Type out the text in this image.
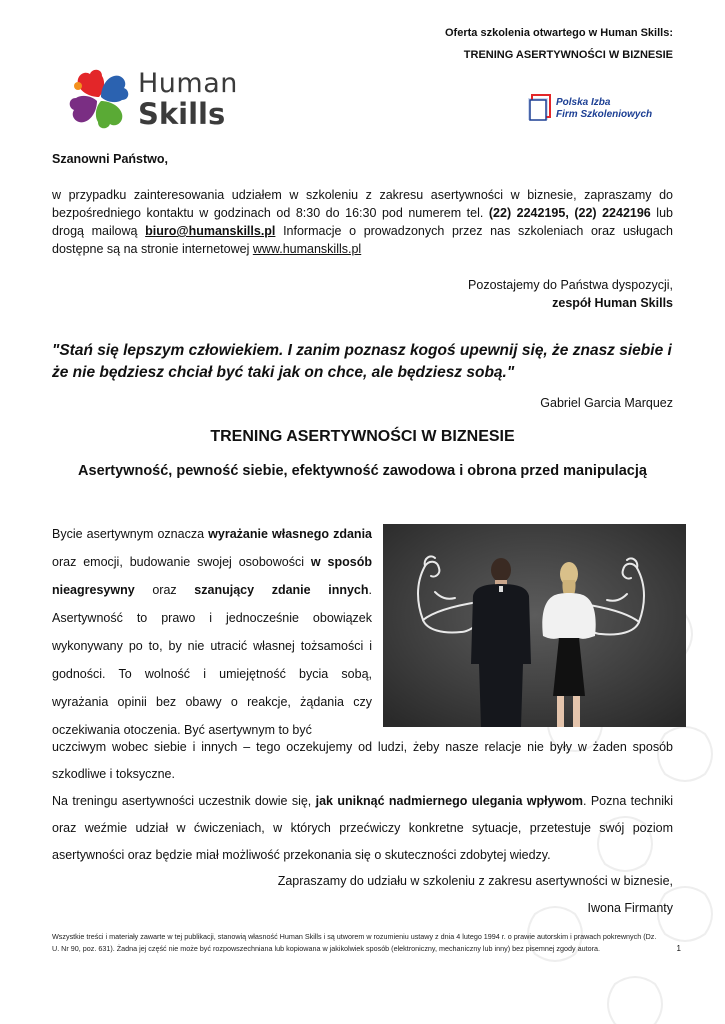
Oferta szkolenia otwartego w Human Skills:
TRENING ASERTYWNOŚCI W BIZNESIE
Human
Skills	Polska Izba
Firm Szkoleniowych
Szanowni Państwo,
w przypadku zainteresowania udziałem w szkoleniu z zakresu asertywności w biznesie, zapraszamy do bezpośredniego kontaktu w godzinach od 8:30 do 16:30 pod numerem tel. (22) 2242195, (22) 2242196 lub drogą mailową biuro@humanskills.pl Informacje o prowadzonych przez nas szkoleniach oraz usługach dostępne są na stronie internetowej www.humanskills.pl
Pozostajemy do Państwa dyspozycji,
zespół Human Skills
"Stań się lepszym człowiekiem. I zanim poznasz kogoś upewnij się, że znasz siebie i że nie będziesz chciał być taki jak on chce, ale będziesz sobą."
Gabriel Garcia Marquez
TRENING ASERTYWNOŚCI W BIZNESIE
Asertywność, pewność siebie, efektywność zawodowa i obrona przed manipulacją
Bycie asertywnym oznacza wyrażanie własnego zdania oraz emocji, budowanie swojej osobowości w sposób nieagresywny oraz szanujący zdanie innych. Asertywność to prawo i jednocześnie obowiązek wykonywany po to, by nie utracić własnej tożsamości i godności. To wolność i umiejętność bycia sobą, wyrażania opinii bez obawy o reakcje, żądania czy oczekiwania otoczenia. Być asertywnym to być
uczciwym wobec siebie i innych – tego oczekujemy od ludzi, żeby nasze relacje nie były w żaden sposób szkodliwe i toksyczne.
Na treningu asertywności uczestnik dowie się, jak uniknąć nadmiernego ulegania wpływom. Pozna techniki oraz weźmie udział w ćwiczeniach, w których przećwiczy konkretne sytuacje, przetestuje swój poziom asertywności oraz będzie miał możliwość przekonania się o skuteczności zdobytej wiedzy.
Zapraszamy do udziału w szkoleniu z zakresu asertywności w biznesie,
Iwona Firmanty
Wszystkie treści i materiały zawarte w tej publikacji, stanowią własność Human Skills i są utworem w rozumieniu ustawy z dnia 4 lutego 1994 r. o prawie autorskim i prawach pokrewnych (Dz. U. Nr 90, poz. 631). Żadna jej część nie może być rozpowszechniana lub kopiowana w jakikolwiek sposób (elektroniczny, mechaniczny lub inny) bez pisemnej zgody autora.	1
